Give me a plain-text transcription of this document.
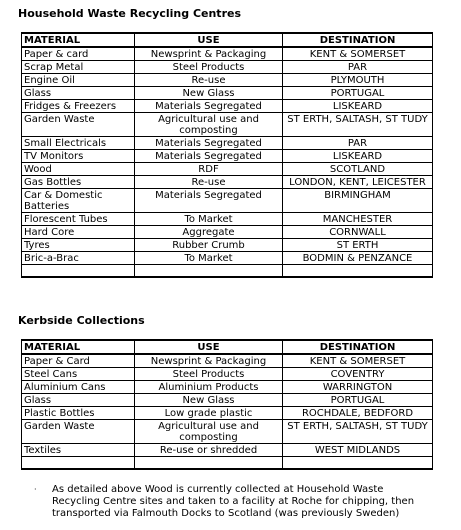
Household Waste Recycling Centres
MATERIAL	USE	DESTINATION
Paper & card	Newsprint & Packaging	KENT & SOMERSET
Scrap Metal	Steel Products	PAR
Engine Oil	Re-use	PLYMOUTH
Glass	New Glass	PORTUGAL
Fridges & Freezers	Materials Segregated	LISKEARD
Garden Waste	Agricultural use and composting	ST ERTH, SALTASH, ST TUDY
Small Electricals	Materials Segregated	PAR
TV Monitors	Materials Segregated	LISKEARD
Wood	RDF	SCOTLAND
Gas Bottles	Re-use	LONDON, KENT, LEICESTER
Car & Domestic Batteries	Materials Segregated	BIRMINGHAM
Florescent Tubes	To Market	MANCHESTER
Hard Core	Aggregate	CORNWALL
Tyres	Rubber Crumb	ST ERTH
Bric-a-Brac	To Market	BODMIN & PENZANCE

Kerbside Collections
MATERIAL	USE	DESTINATION
Paper & Card	Newsprint & Packaging	KENT & SOMERSET
Steel Cans	Steel Products	COVENTRY
Aluminium Cans	Aluminium Products	WARRINGTON
Glass	New Glass	PORTUGAL
Plastic Bottles	Low grade plastic	ROCHDALE, BEDFORD
Garden Waste	Agricultural use and composting	ST ERTH, SALTASH, ST TUDY
Textiles	Re-use or shredded	WEST MIDLANDS

· As detailed above Wood is currently collected at Household Waste Recycling Centre sites and taken to a facility at Roche for chipping, then transported via Falmouth Docks to Scotland (was previously Sweden)
